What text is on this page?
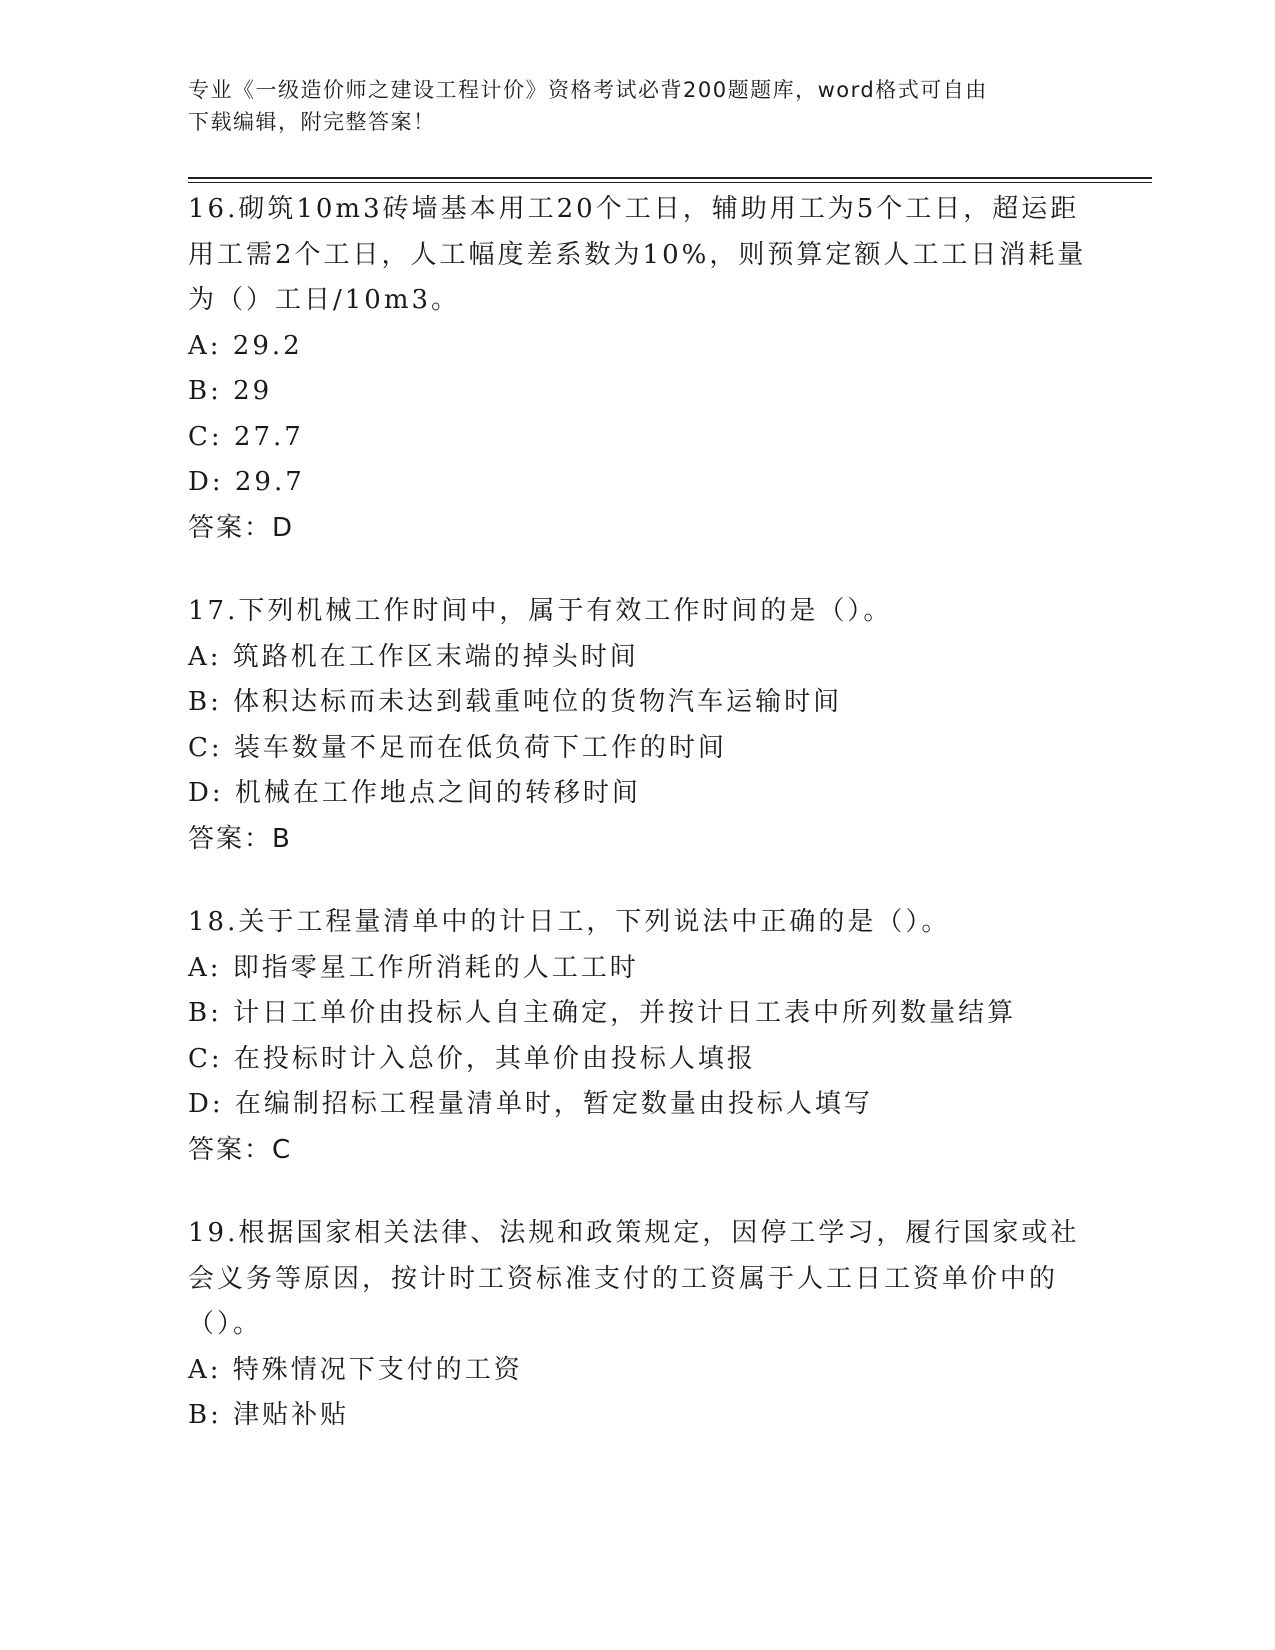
专业《一级造价师之建设工程计价》资格考试必背200题题库，word格式可自由
下载编辑，附完整答案！
16.砌筑10m3砖墙基本用工20个工日，辅助用工为5个工日，超运距
用工需2个工日，人工幅度差系数为10%，则预算定额人工工日消耗量
为（）工日/10m3。
A: 29.2
B: 29
C: 27.7
D: 29.7
答案：D
17.下列机械工作时间中，属于有效工作时间的是（）。
A: 筑路机在工作区末端的掉头时间
B: 体积达标而未达到载重吨位的货物汽车运输时间
C: 装车数量不足而在低负荷下工作的时间
D: 机械在工作地点之间的转移时间
答案：B
18.关于工程量清单中的计日工，下列说法中正确的是（）。
A: 即指零星工作所消耗的人工工时
B: 计日工单价由投标人自主确定，并按计日工表中所列数量结算
C: 在投标时计入总价，其单价由投标人填报
D: 在编制招标工程量清单时，暂定数量由投标人填写
答案：C
19.根据国家相关法律、法规和政策规定，因停工学习，履行国家或社
会义务等原因，按计时工资标准支付的工资属于人工日工资单价中的
（）。
A: 特殊情况下支付的工资
B: 津贴补贴
